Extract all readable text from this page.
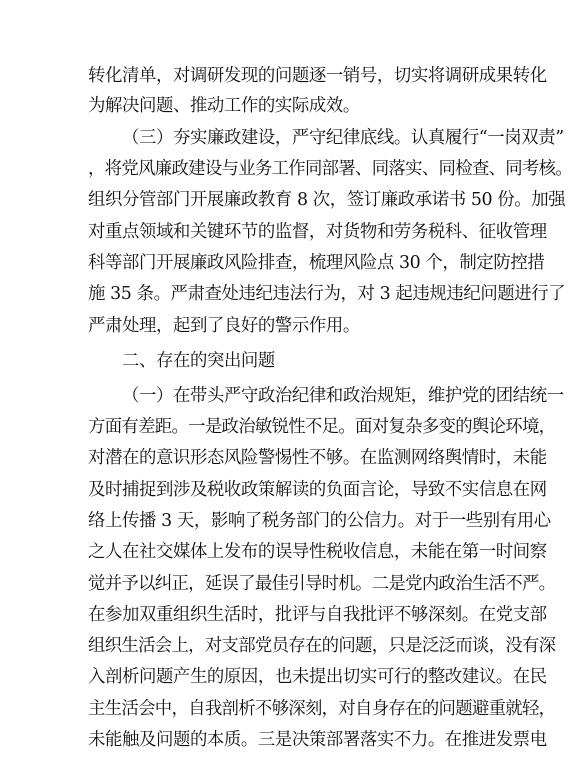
转化清单，对调研发现的问题逐一销号，切实将调研成果转化
为解决问题、推动工作的实际成效。
（三）夯实廉政建设，严守纪律底线。认真履行“一岗双责”
，将党风廉政建设与业务工作同部署、同落实、同检查、同考核。
组织分管部门开展廉政教育 8 次，签订廉政承诺书 50 份。加强
对重点领域和关键环节的监督，对货物和劳务税科、征收管理
科等部门开展廉政风险排查，梳理风险点 30 个，制定防控措
施 35 条。严肃查处违纪违法行为，对 3 起违规违纪问题进行了
严肃处理，起到了良好的警示作用。
二、存在的突出问题
（一）在带头严守政治纪律和政治规矩，维护党的团结统一
方面有差距。一是政治敏锐性不足。面对复杂多变的舆论环境，
对潜在的意识形态风险警惕性不够。在监测网络舆情时，未能
及时捕捉到涉及税收政策解读的负面言论，导致不实信息在网
络上传播 3 天，影响了税务部门的公信力。对于一些别有用心
之人在社交媒体上发布的误导性税收信息，未能在第一时间察
觉并予以纠正，延误了最佳引导时机。二是党内政治生活不严。
在参加双重组织生活时，批评与自我批评不够深刻。在党支部
组织生活会上，对支部党员存在的问题，只是泛泛而谈，没有深
入剖析问题产生的原因，也未提出切实可行的整改建议。在民
主生活会中，自我剖析不够深刻，对自身存在的问题避重就轻，
未能触及问题的本质。三是决策部署落实不力。在推进发票电
